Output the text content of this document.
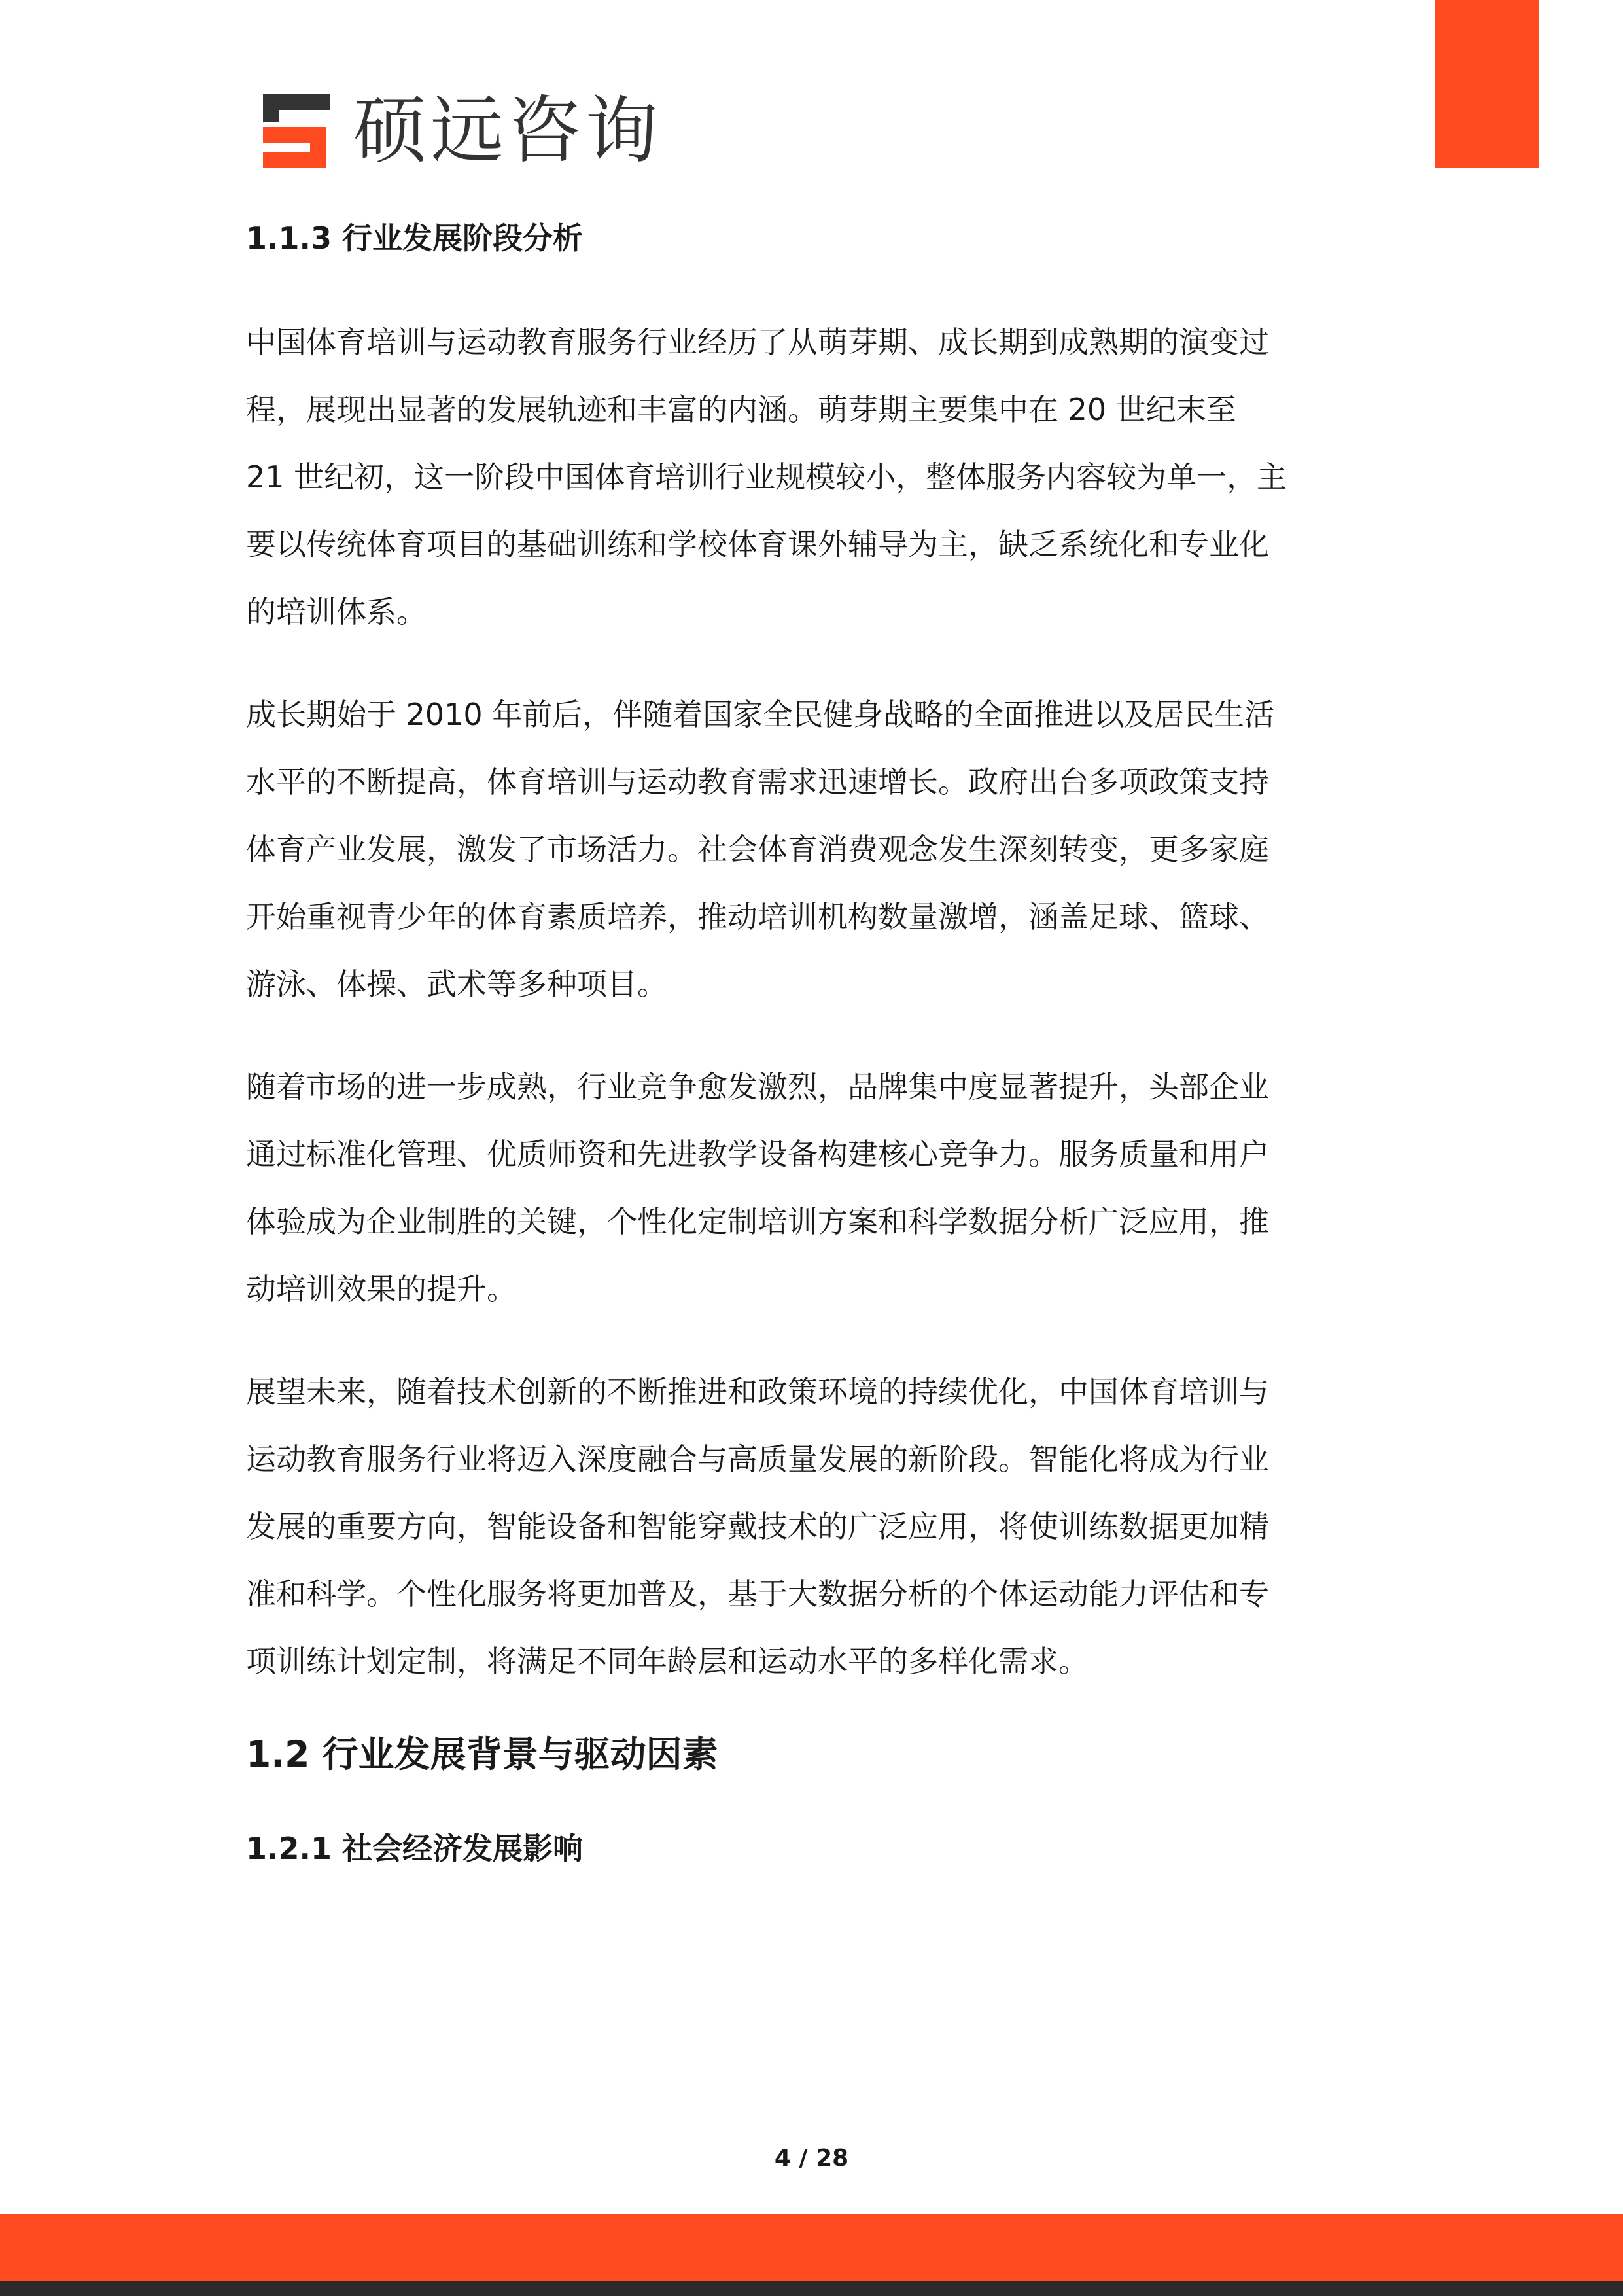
硕远咨询
1.1.3 行业发展阶段分析

中国体育培训与运动教育服务行业经历了从萌芽期、成长期到成熟期的演变过
程，展现出显著的发展轨迹和丰富的内涵。萌芽期主要集中在 20 世纪末至
21 世纪初，这一阶段中国体育培训行业规模较小，整体服务内容较为单一，主
要以传统体育项目的基础训练和学校体育课外辅导为主，缺乏系统化和专业化
的培训体系。

成长期始于 2010 年前后，伴随着国家全民健身战略的全面推进以及居民生活
水平的不断提高，体育培训与运动教育需求迅速增长。政府出台多项政策支持
体育产业发展，激发了市场活力。社会体育消费观念发生深刻转变，更多家庭
开始重视青少年的体育素质培养，推动培训机构数量激增，涵盖足球、篮球、
游泳、体操、武术等多种项目。

随着市场的进一步成熟，行业竞争愈发激烈，品牌集中度显著提升，头部企业
通过标准化管理、优质师资和先进教学设备构建核心竞争力。服务质量和用户
体验成为企业制胜的关键，个性化定制培训方案和科学数据分析广泛应用，推
动培训效果的提升。

展望未来，随着技术创新的不断推进和政策环境的持续优化，中国体育培训与
运动教育服务行业将迈入深度融合与高质量发展的新阶段。智能化将成为行业
发展的重要方向，智能设备和智能穿戴技术的广泛应用，将使训练数据更加精
准和科学。个性化服务将更加普及，基于大数据分析的个体运动能力评估和专
项训练计划定制，将满足不同年龄层和运动水平的多样化需求。

1.2 行业发展背景与驱动因素
1.2.1 社会经济发展影响
4 / 28
